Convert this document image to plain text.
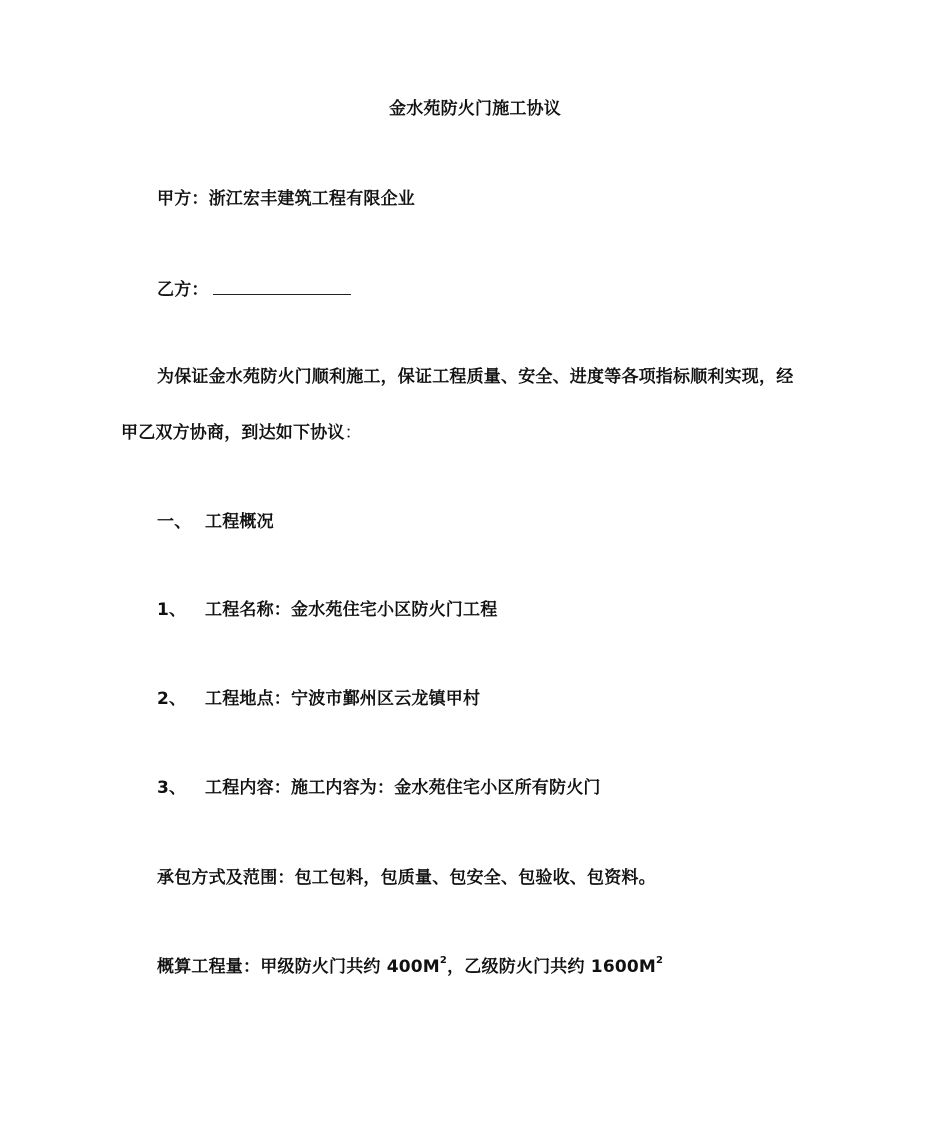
金水苑防火门施工协议
甲方：浙江宏丰建筑工程有限企业
乙方：
为保证金水苑防火门顺利施工，保证工程质量、安全、进度等各项指标顺利实现，经
甲乙双方协商，到达如下协议：
一、 工程概况
1、 工程名称：金水苑住宅小区防火门工程
2、 工程地点：宁波市鄞州区云龙镇甲村
3、 工程内容：施工内容为：金水苑住宅小区所有防火门
承包方式及范围：包工包料，包质量、包安全、包验收、包资料。
概算工程量：甲级防火门共约 $400M^2$，乙级防火门共约 $1600M^2$
